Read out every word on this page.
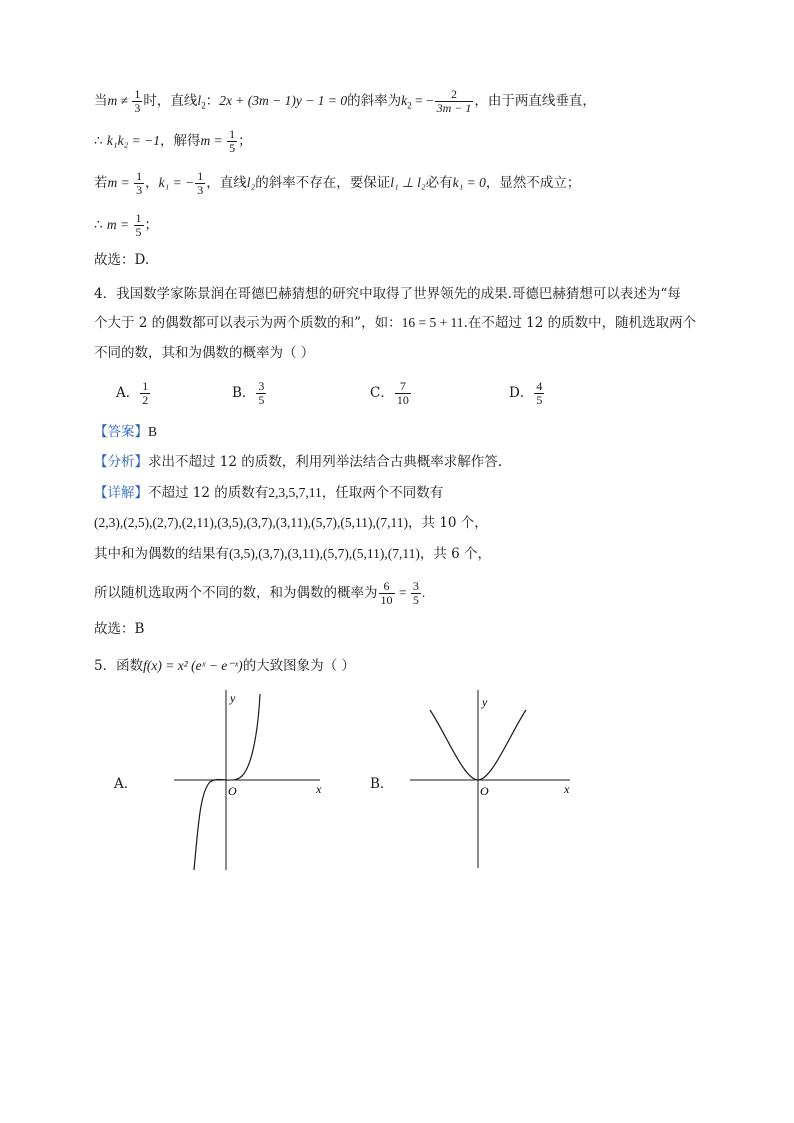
当$m \ne \frac{1}{3}$ 时，直线$l_2$：2x + (3m − 1)y − 1 = 0的斜率为$k_2$ = − $\frac{2}{3m - 1}$ ，由于两直线垂直，
∴ k₁k₂ = −1，解得$m = \frac{1}{5}$ ；
若$m = \frac{1}{3}$ ，k₁ = − $\frac{1}{3}$ ，直线l₂的斜率不存在，要保证l₁ ⊥ l₂必有k₁ = 0，显然不成立；
∴ $m = \frac{1}{5}$ ；
故选：D.
4．我国数学家陈景润在哥德巴赫猜想的研究中取得了世界领先的成果.哥德巴赫猜想可以表述为“每
个大于 2 的偶数都可以表示为两个质数的和”，如：16 = 5 + 11.在不超过 12 的质数中，随机选取两个
不同的数，其和为偶数的概率为（ ）
A． $\frac{1}{2}$	B． $\frac{3}{5}$	C． $\frac{7}{10}$	D． $\frac{4}{5}$
【答案】B
【分析】求出不超过 12 的质数，利用列举法结合古典概率求解作答.
【详解】不超过 12 的质数有2,3,5,7,11，任取两个不同数有
(2,3),(2,5),(2,7),(2,11),(3,5),(3,7),(3,11),(5,7),(5,11),(7,11)，共 10 个，
其中和为偶数的结果有(3,5),(3,7),(3,11),(5,7),(5,11),(7,11)，共 6 个，
所以随机选取两个不同的数，和为偶数的概率为 $\frac{6}{10} = \frac{3}{5}$ .
故选：B
5．函数f(x) = x² (eˣ − e⁻ˣ)的大致图象为（ ）
A．
y
x
O	B．
y
x
O
